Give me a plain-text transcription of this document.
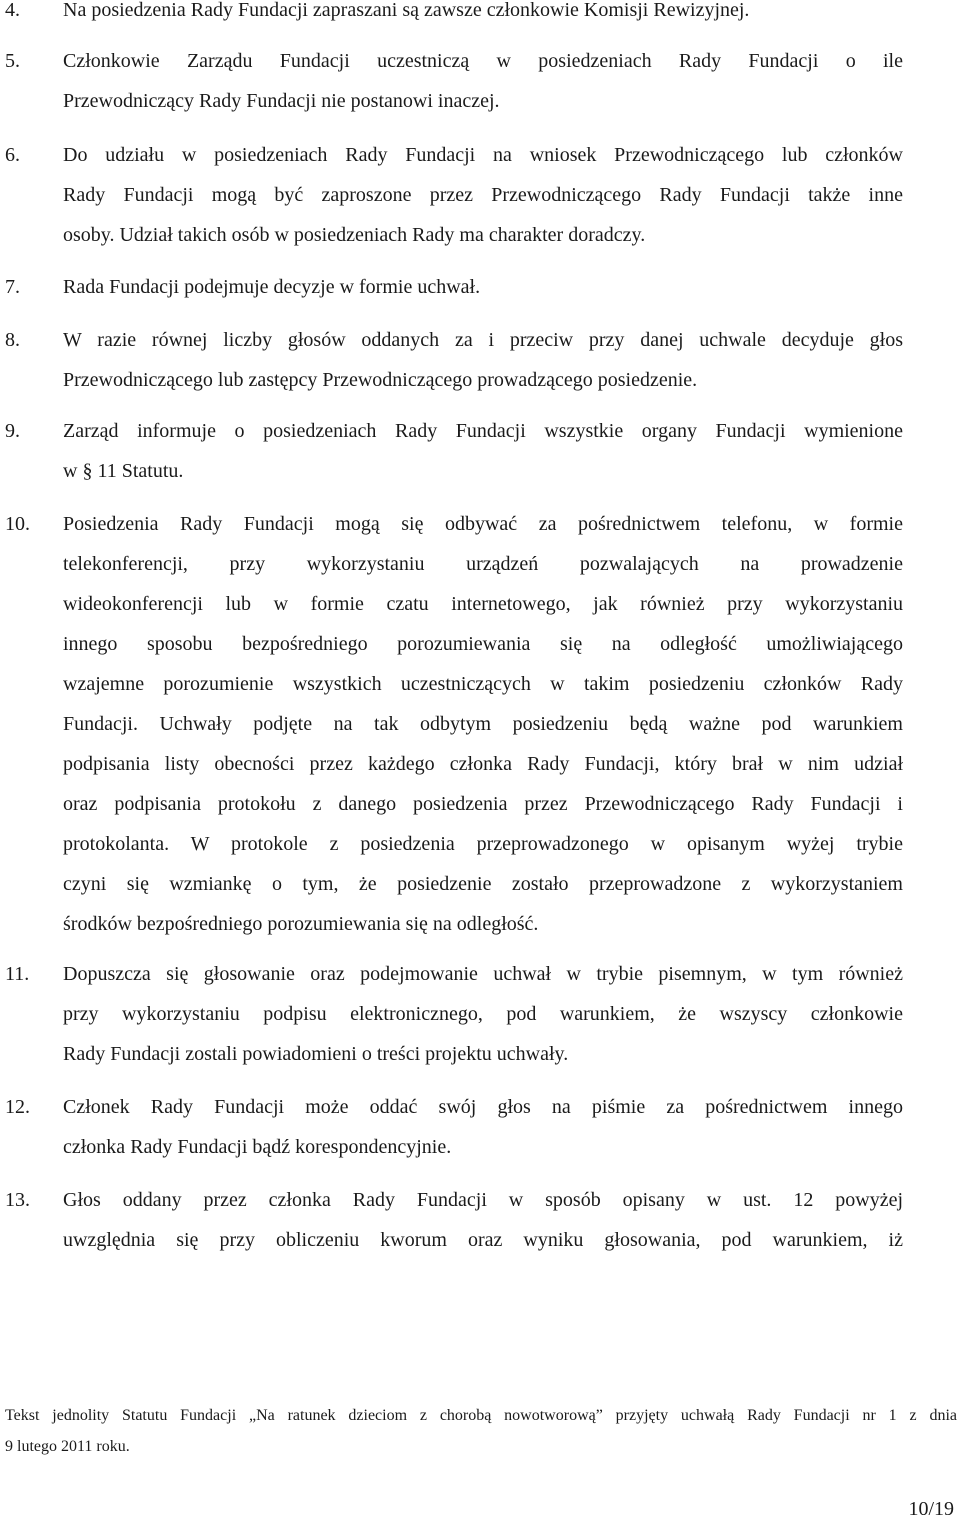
4. Na posiedzenia Rady Fundacji zapraszani są zawsze członkowie Komisji Rewizyjnej.
5. Członkowie Zarządu Fundacji uczestniczą w posiedzeniach Rady Fundacji o ile
Przewodniczący Rady Fundacji nie postanowi inaczej.
6. Do udziału w posiedzeniach Rady Fundacji na wniosek Przewodniczącego lub członków
Rady Fundacji mogą być zaproszone przez Przewodniczącego Rady Fundacji także inne
osoby. Udział takich osób w posiedzeniach Rady ma charakter doradczy.
7. Rada Fundacji podejmuje decyzje w formie uchwał.
8. W razie równej liczby głosów oddanych za i przeciw przy danej uchwale decyduje głos
Przewodniczącego lub zastępcy Przewodniczącego prowadzącego posiedzenie.
9. Zarząd informuje o posiedzeniach Rady Fundacji wszystkie organy Fundacji wymienione
w § 11 Statutu.
10. Posiedzenia Rady Fundacji mogą się odbywać za pośrednictwem telefonu, w formie
telekonferencji, przy wykorzystaniu urządzeń pozwalających na prowadzenie
wideokonferencji lub w formie czatu internetowego, jak również przy wykorzystaniu
innego sposobu bezpośredniego porozumiewania się na odległość umożliwiającego
wzajemne porozumienie wszystkich uczestniczących w takim posiedzeniu członków Rady
Fundacji. Uchwały podjęte na tak odbytym posiedzeniu będą ważne pod warunkiem
podpisania listy obecności przez każdego członka Rady Fundacji, który brał w nim udział
oraz podpisania protokołu z danego posiedzenia przez Przewodniczącego Rady Fundacji i
protokolanta. W protokole z posiedzenia przeprowadzonego w opisanym wyżej trybie
czyni się wzmiankę o tym, że posiedzenie zostało przeprowadzone z wykorzystaniem
środków bezpośredniego porozumiewania się na odległość.
11. Dopuszcza się głosowanie oraz podejmowanie uchwał w trybie pisemnym, w tym również
przy wykorzystaniu podpisu elektronicznego, pod warunkiem, że wszyscy członkowie
Rady Fundacji zostali powiadomieni o treści projektu uchwały.
12. Członek Rady Fundacji może oddać swój głos na piśmie za pośrednictwem innego
członka Rady Fundacji bądź korespondencyjnie.
13. Głos oddany przez członka Rady Fundacji w sposób opisany w ust. 12 powyżej
uwzględnia się przy obliczeniu kworum oraz wyniku głosowania, pod warunkiem, iż
Tekst jednolity Statutu Fundacji „Na ratunek dzieciom z chorobą nowotworową” przyjęty uchwałą Rady Fundacji nr 1 z dnia
9 lutego 2011 roku.
10/19
